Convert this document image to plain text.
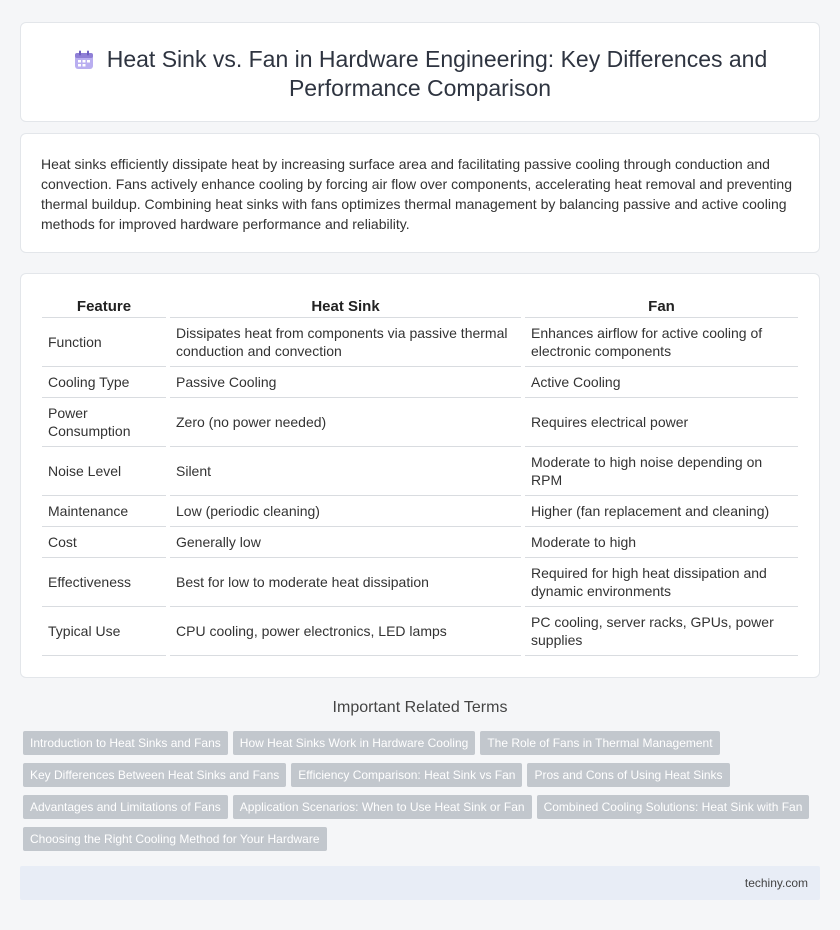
Heat Sink vs. Fan in Hardware Engineering: Key Differences and Performance Comparison

Heat sinks efficiently dissipate heat by increasing surface area and facilitating passive cooling through conduction and convection. Fans actively enhance cooling by forcing air flow over components, accelerating heat removal and preventing thermal buildup. Combining heat sinks with fans optimizes thermal management by balancing passive and active cooling methods for improved hardware performance and reliability.

Feature	Heat Sink	Fan
Function	Dissipates heat from components via passive thermal conduction and convection	Enhances airflow for active cooling of electronic components
Cooling Type	Passive Cooling	Active Cooling
Power Consumption	Zero (no power needed)	Requires electrical power
Noise Level	Silent	Moderate to high noise depending on RPM
Maintenance	Low (periodic cleaning)	Higher (fan replacement and cleaning)
Cost	Generally low	Moderate to high
Effectiveness	Best for low to moderate heat dissipation	Required for high heat dissipation and dynamic environments
Typical Use	CPU cooling, power electronics, LED lamps	PC cooling, server racks, GPUs, power supplies
Important Related Terms
Introduction to Heat Sinks and Fans How Heat Sinks Work in Hardware Cooling The Role of Fans in Thermal Management
Key Differences Between Heat Sinks and Fans Efficiency Comparison: Heat Sink vs Fan Pros and Cons of Using Heat Sinks
Advantages and Limitations of Fans Application Scenarios: When to Use Heat Sink or Fan Combined Cooling Solutions: Heat Sink with Fan
Choosing the Right Cooling Method for Your Hardware
techiny.com
